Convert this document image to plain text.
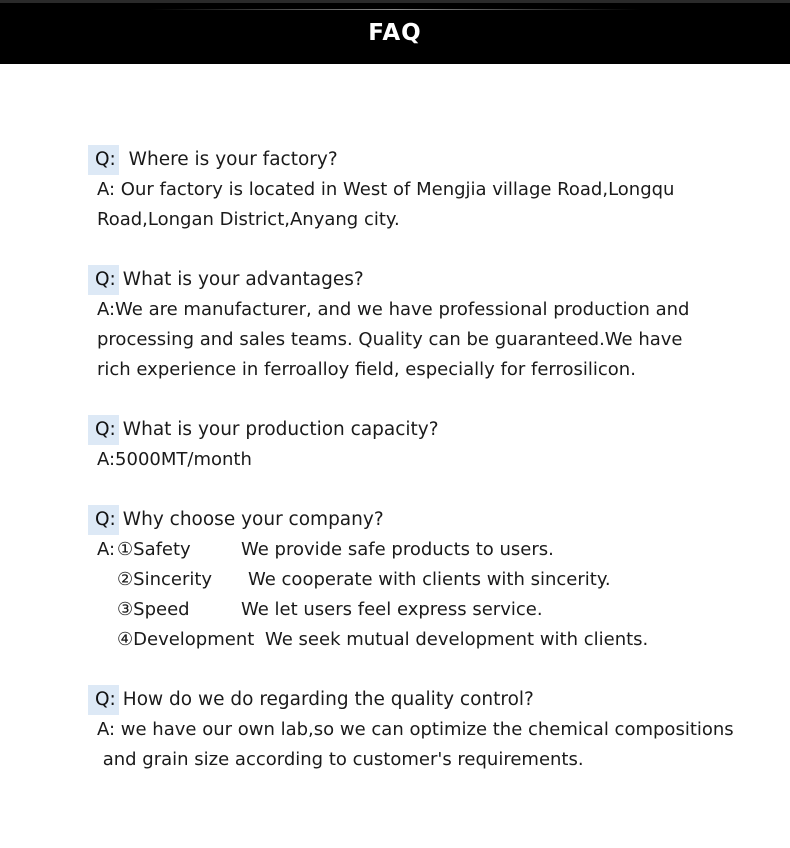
FAQ
Q: Where is your factory?
A: Our factory is located in West of Mengjia village Road,Longqu
Road,Longan District,Anyang city.
Q: What is your advantages?
A:We are manufacturer, and we have professional production and
processing and sales teams. Quality can be guaranteed.We have
rich experience in ferroalloy field, especially for ferrosilicon.
Q: What is your production capacity?
A:5000MT/month
Q: Why choose your company?
A: ①Safety	We provide safe products to users.
②Sincerity We cooperate with clients with sincerity.
③Speed	We let users feel express service.
④Development We seek mutual development with clients.
Q: How do we do regarding the quality control?
A: we have our own lab,so we can optimize the chemical compositions
and grain size according to customer's requirements.
